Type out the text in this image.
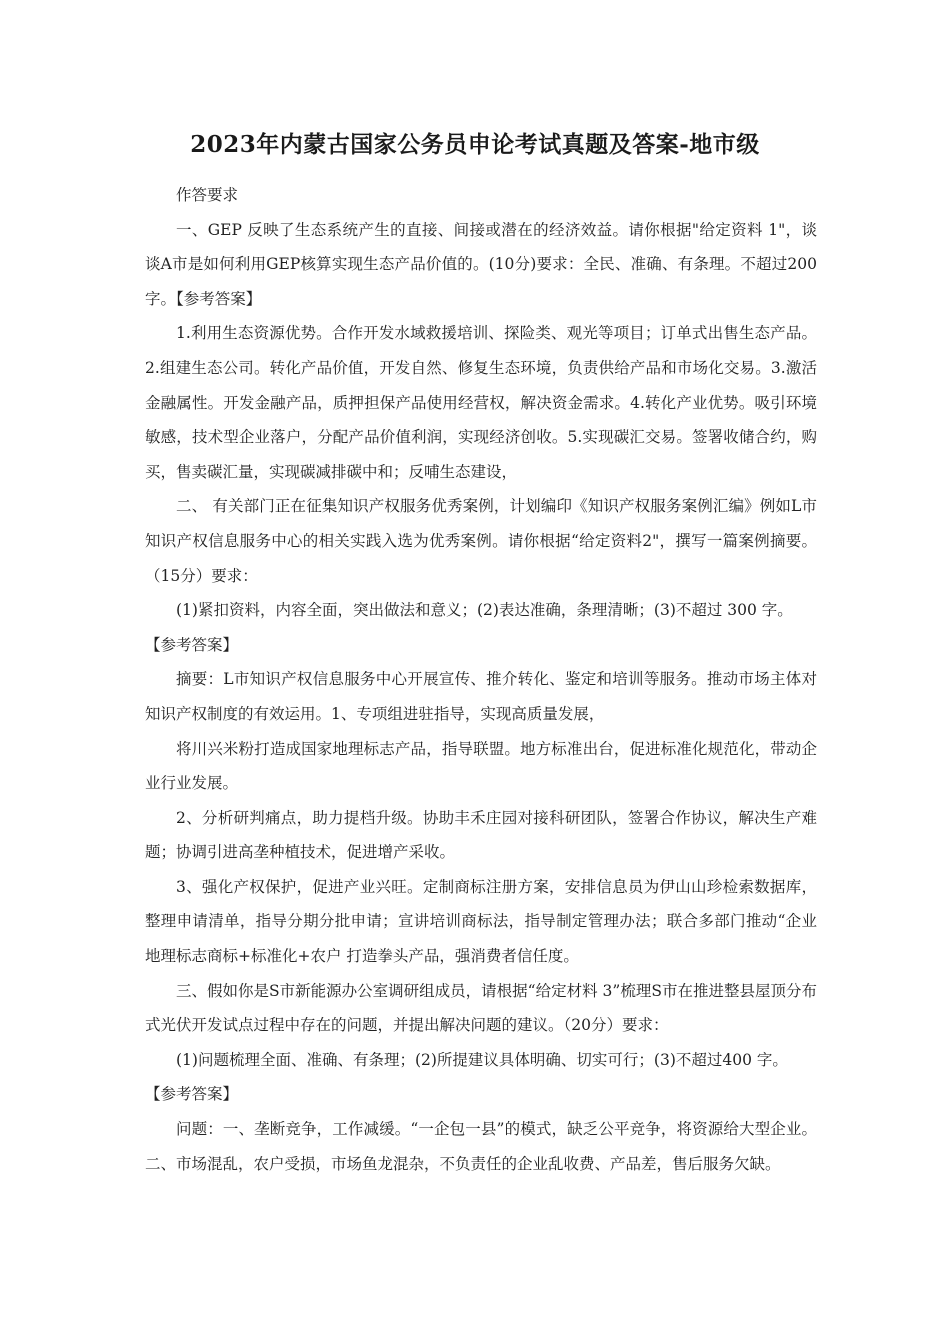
2023年内蒙古国家公务员申论考试真题及答案-地市级

作答要求

一、GEP 反映了生态系统产生的直接、间接或潜在的经济效益。请你根据"给定资料 1"，谈谈A市是如何利用GEP核算实现生态产品价值的。(10分)要求：全民、准确、有条理。不超过200字。【参考答案】

1.利用生态资源优势。合作开发水域救援培训、探险类、观光等项目；订单式出售生态产品。2.组建生态公司。转化产品价值，开发自然、修复生态环境，负责供给产品和市场化交易。3.激活金融属性。开发金融产品，质押担保产品使用经营权，解决资金需求。4.转化产业优势。吸引环境敏感，技术型企业落户，分配产品价值利润，实现经济创收。5.实现碳汇交易。签署收储合约，购买，售卖碳汇量，实现碳减排碳中和；反哺生态建设，

二、 有关部门正在征集知识产权服务优秀案例，计划编印《知识产权服务案例汇编》例如L市知识产权信息服务中心的相关实践入选为优秀案例。请你根据“给定资料2"，撰写一篇案例摘要。（15分）要求：

(1)紧扣资料，内容全面，突出做法和意义；(2)表达准确，条理清晰；(3)不超过 300 字。

【参考答案】

摘要：L市知识产权信息服务中心开展宣传、推介转化、鉴定和培训等服务。推动市场主体对知识产权制度的有效运用。1、专项组进驻指导，实现高质量发展，

将川兴米粉打造成国家地理标志产品，指导联盟。地方标准出台，促进标准化规范化，带动企业行业发展。

2、分析研判痛点，助力提档升级。协助丰禾庄园对接科研团队，签署合作协议，解决生产难题；协调引进高垄种植技术，促进增产采收。

3、强化产权保护，促进产业兴旺。定制商标注册方案，安排信息员为伊山山珍检索数据库，整理申请清单，指导分期分批申请；宣讲培训商标法，指导制定管理办法；联合多部门推动“企业地理标志商标+标准化+农户 打造拳头产品，强消费者信任度。

三、假如你是S市新能源办公室调研组成员，请根据“给定材料 3”梳理S市在推进整县屋顶分布式光伏开发试点过程中存在的问题，并提出解决问题的建议。（20分）要求：

(1)问题梳理全面、准确、有条理；(2)所提建议具体明确、切实可行；(3)不超过400 字。

【参考答案】

问题：一、垄断竞争，工作减缓。“一企包一县”的模式，缺乏公平竞争，将资源给大型企业。二、市场混乱，农户受损，市场鱼龙混杂，不负责任的企业乱收费、产品差，售后服务欠缺。
